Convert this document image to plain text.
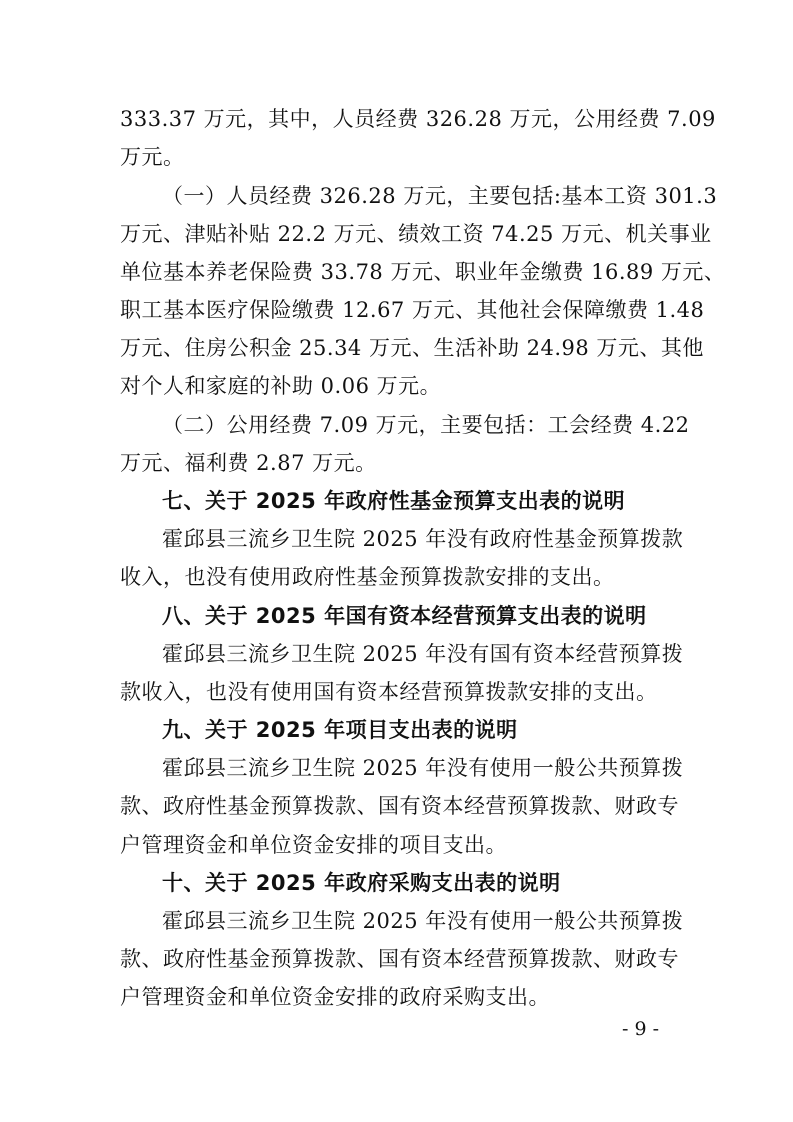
333.37 万元，其中，人员经费 326.28 万元，公用经费 7.09
万元。
（一）人员经费 326.28 万元，主要包括:基本工资 301.3
万元、津贴补贴 22.2 万元、绩效工资 74.25 万元、机关事业
单位基本养老保险费 33.78 万元、职业年金缴费 16.89 万元、
职工基本医疗保险缴费 12.67 万元、其他社会保障缴费 1.48
万元、住房公积金 25.34 万元、生活补助 24.98 万元、其他
对个人和家庭的补助 0.06 万元。
（二）公用经费 7.09 万元，主要包括：工会经费 4.22
万元、福利费 2.87 万元。
七、关于 2025 年政府性基金预算支出表的说明
霍邱县三流乡卫生院 2025 年没有政府性基金预算拨款
收入，也没有使用政府性基金预算拨款安排的支出。
八、关于 2025 年国有资本经营预算支出表的说明
霍邱县三流乡卫生院 2025 年没有国有资本经营预算拨
款收入，也没有使用国有资本经营预算拨款安排的支出。
九、关于 2025 年项目支出表的说明
霍邱县三流乡卫生院 2025 年没有使用一般公共预算拨
款、政府性基金预算拨款、国有资本经营预算拨款、财政专
户管理资金和单位资金安排的项目支出。
十、关于 2025 年政府采购支出表的说明
霍邱县三流乡卫生院 2025 年没有使用一般公共预算拨
款、政府性基金预算拨款、国有资本经营预算拨款、财政专
户管理资金和单位资金安排的政府采购支出。
- 9 -
